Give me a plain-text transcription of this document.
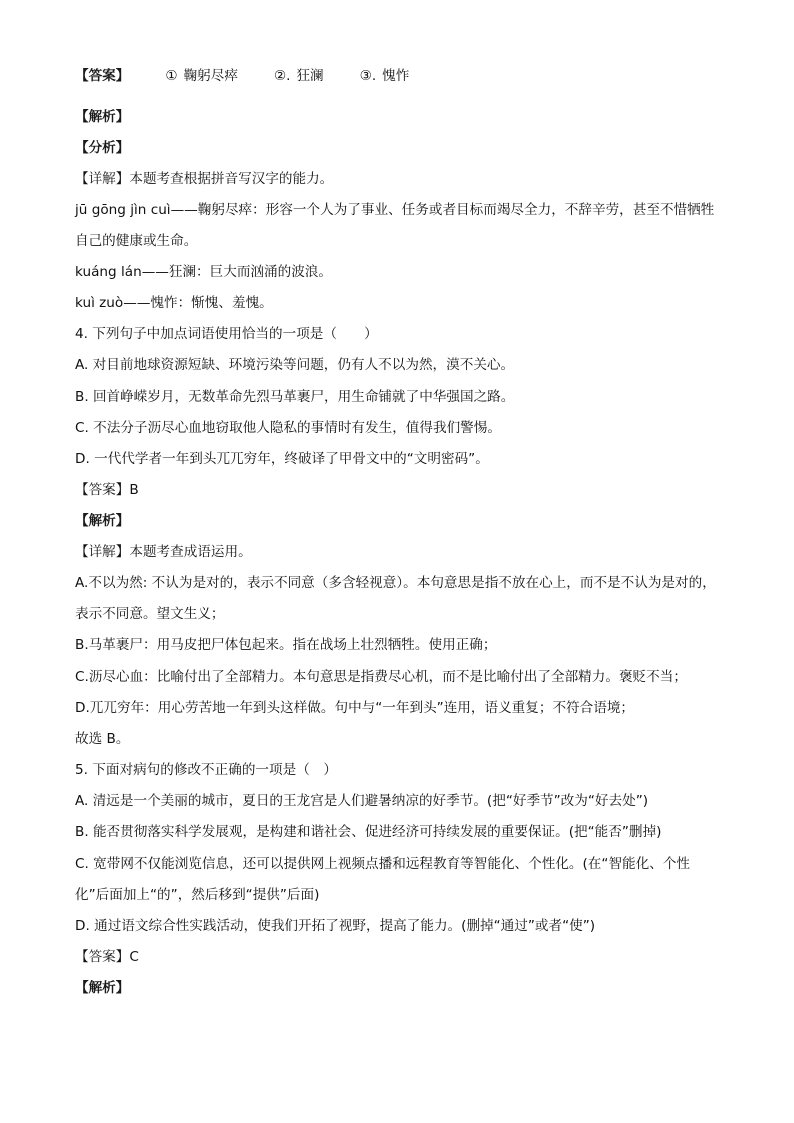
【答案】	① 鞠躬尽瘁	②. 狂澜	③. 愧怍
【解析】
【分析】
【详解】本题考查根据拼音写汉字的能力。
jū gōng jìn cuì——鞠躬尽瘁：形容一个人为了事业、任务或者目标而竭尽全力，不辞辛劳，甚至不惜牺牲
自己的健康或生命。
kuáng lán——狂澜：巨大而汹涌的波浪。
kuì zuò——愧怍：惭愧、羞愧。
4. 下列句子中加点词语使用恰当的一项是（　　）
A. 对目前地球资源短缺、环境污染等问题，仍有人不以为然，漠不关心。
B. 回首峥嵘岁月，无数革命先烈马革裹尸，用生命铺就了中华强国之路。
C. 不法分子沥尽心血地窃取他人隐私的事情时有发生，值得我们警惕。
D. 一代代学者一年到头兀兀穷年，终破译了甲骨文中的“文明密码”。
【答案】B
【解析】
【详解】本题考查成语运用。
A.不以为然: 不认为是对的，表示不同意（多含轻视意）。本句意思是指不放在心上，而不是不认为是对的，
表示不同意。望文生义；
B.马革裹尸：用马皮把尸体包起来。指在战场上壮烈牺牲。使用正确；
C.沥尽心血：比喻付出了全部精力。本句意思是指费尽心机，而不是比喻付出了全部精力。褒贬不当；
D.兀兀穷年：用心劳苦地一年到头这样做。句中与“一年到头”连用，语义重复；不符合语境；
故选 B。
5. 下面对病句的修改不正确的一项是（　）
A. 清远是一个美丽的城市，夏日的王龙宫是人们避暑纳凉的好季节。(把“好季节”改为“好去处”)
B. 能否贯彻落实科学发展观，是构建和谐社会、促进经济可持续发展的重要保证。(把“能否”删掉)
C. 宽带网不仅能浏览信息，还可以提供网上视频点播和远程教育等智能化、个性化。(在“智能化、个性
化”后面加上“的”，然后移到“提供”后面)
D. 通过语文综合性实践活动，使我们开拓了视野，提高了能力。(删掉“通过”或者“使”)
【答案】C
【解析】
